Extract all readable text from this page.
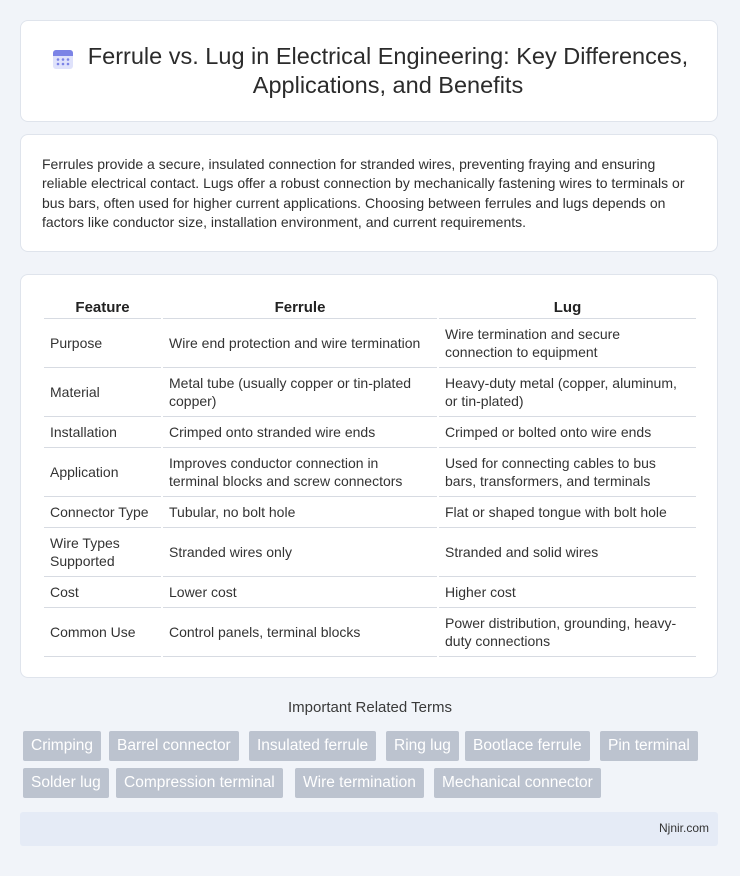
Ferrule vs. Lug in Electrical Engineering: Key Differences, Applications, and Benefits

Ferrules provide a secure, insulated connection for stranded wires, preventing fraying and ensuring reliable electrical contact. Lugs offer a robust connection by mechanically fastening wires to terminals or bus bars, often used for higher current applications. Choosing between ferrules and lugs depends on factors like conductor size, installation environment, and current requirements.

Feature	Ferrule	Lug
Purpose	Wire end protection and wire termination	Wire termination and secure connection to equipment
Material	Metal tube (usually copper or tin-plated copper)	Heavy-duty metal (copper, aluminum, or tin-plated)
Installation	Crimped onto stranded wire ends	Crimped or bolted onto wire ends
Application	Improves conductor connection in terminal blocks and screw connectors	Used for connecting cables to bus bars, transformers, and terminals
Connector Type	Tubular, no bolt hole	Flat or shaped tongue with bolt hole
Wire Types Supported	Stranded wires only	Stranded and solid wires
Cost	Lower cost	Higher cost
Common Use	Control panels, terminal blocks	Power distribution, grounding, heavy-duty connections
Important Related Terms
Crimping	Barrel connector	Insulated ferrule	Ring lug	Bootlace ferrule	Pin terminal
Solder lug	Compression terminal	Wire termination	Mechanical connector
Njnir.com
